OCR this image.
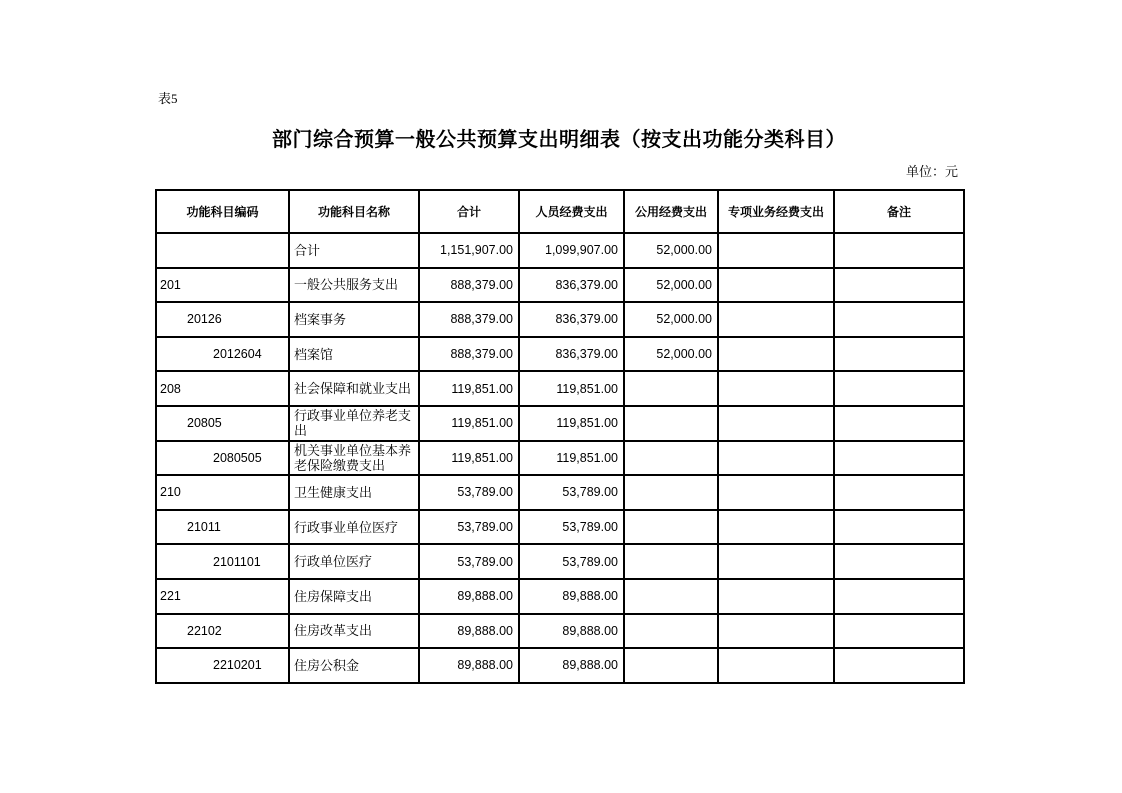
表5
部门综合预算一般公共预算支出明细表（按支出功能分类科目）
单位：元
功能科目编码	功能科目名称	合计	人员经费支出	公用经费支出	专项业务经费支出	备注
	合计	1,151,907.00	1,099,907.00	52,000.00		
201	一般公共服务支出	888,379.00	836,379.00	52,000.00		
20126	档案事务	888,379.00	836,379.00	52,000.00		
2012604	档案馆	888,379.00	836,379.00	52,000.00		
208	社会保障和就业支出	119,851.00	119,851.00			
20805	行政事业单位养老支出	119,851.00	119,851.00			
2080505	机关事业单位基本养老保险缴费支出	119,851.00	119,851.00			
210	卫生健康支出	53,789.00	53,789.00			
21011	行政事业单位医疗	53,789.00	53,789.00			
2101101	行政单位医疗	53,789.00	53,789.00			
221	住房保障支出	89,888.00	89,888.00			
22102	住房改革支出	89,888.00	89,888.00			
2210201	住房公积金	89,888.00	89,888.00			
